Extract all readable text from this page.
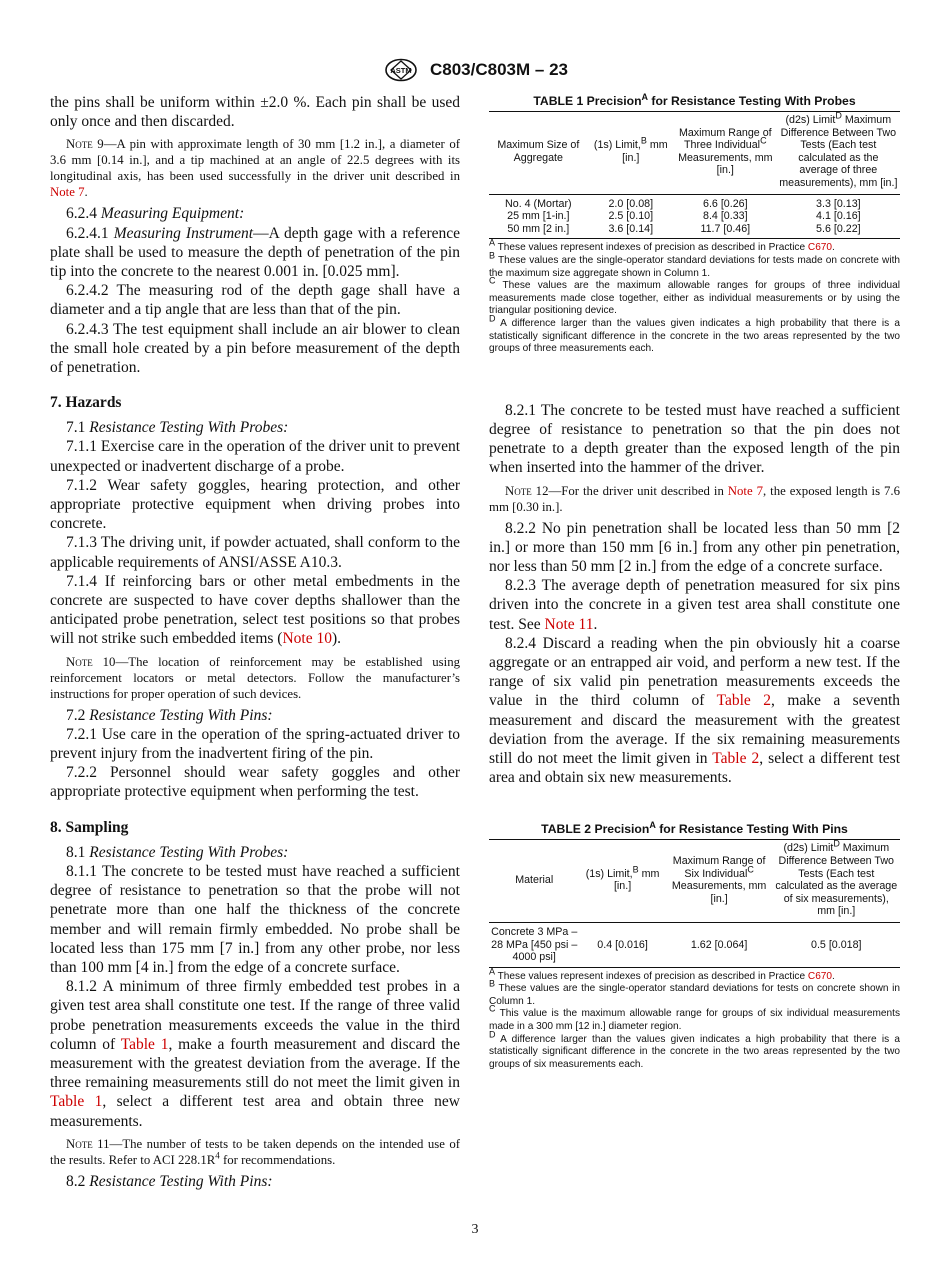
ASTM C803/C803M – 23

the pins shall be uniform within ±2.0 %. Each pin shall be used only once and then discarded.

Note 9—A pin with approximate length of 30 mm [1.2 in.], a diameter of 3.6 mm [0.14 in.], and a tip machined at an angle of 22.5 degrees with its longitudinal axis, has been used successfully in the driver unit described in Note 7.

6.2.4 Measuring Equipment:

6.2.4.1 Measuring Instrument—A depth gage with a reference plate shall be used to measure the depth of penetration of the pin tip into the concrete to the nearest 0.001 in. [0.025 mm].

6.2.4.2 The measuring rod of the depth gage shall have a diameter and a tip angle that are less than that of the pin.

6.2.4.3 The test equipment shall include an air blower to clean the small hole created by a pin before measurement of the depth of penetration.

7. Hazards

7.1 Resistance Testing With Probes:

7.1.1 Exercise care in the operation of the driver unit to prevent unexpected or inadvertent discharge of a probe.

7.1.2 Wear safety goggles, hearing protection, and other appropriate protective equipment when driving probes into concrete.

7.1.3 The driving unit, if powder actuated, shall conform to the applicable requirements of ANSI/ASSE A10.3.

7.1.4 If reinforcing bars or other metal embedments in the concrete are suspected to have cover depths shallower than the anticipated probe penetration, select test positions so that probes will not strike such embedded items (Note 10).

Note 10—The location of reinforcement may be established using reinforcement locators or metal detectors. Follow the manufacturer’s instructions for proper operation of such devices.

7.2 Resistance Testing With Pins:

7.2.1 Use care in the operation of the spring-actuated driver to prevent injury from the inadvertent firing of the pin.

7.2.2 Personnel should wear safety goggles and other appropriate protective equipment when performing the test.

8. Sampling

8.1 Resistance Testing With Probes:

8.1.1 The concrete to be tested must have reached a sufficient degree of resistance to penetration so that the probe will not penetrate more than one half the thickness of the concrete member and will remain firmly embedded. No probe shall be located less than 175 mm [7 in.] from any other probe, nor less than 100 mm [4 in.] from the edge of a concrete surface.

8.1.2 A minimum of three firmly embedded test probes in a given test area shall constitute one test. If the range of three valid probe penetration measurements exceeds the value in the third column of Table 1, make a fourth measurement and discard the measurement with the greatest deviation from the average. If the three remaining measurements still do not meet the limit given in Table 1, select a different test area and obtain three new measurements.

Note 11—The number of tests to be taken depends on the intended use of the results. Refer to ACI $228.1R^4$ for recommendations.

8.2 Resistance Testing With Pins:

TABLE 1 Precision$^A$ for Resistance Testing With Probes
Maximum Size of Aggregate	(1s) Limit,$^B$ mm [in.]	Maximum Range of Three Individual$^C$ Measurements, mm [in.]	(d2s) Limit$^D$ Maximum Difference Between Two Tests (Each test calculated as the average of three measurements), mm [in.]
No. 4 (Mortar)	2.0 [0.08]	6.6 [0.26]	3.3 [0.13]
25 mm [1-in.]	2.5 [0.10]	8.4 [0.33]	4.1 [0.16]
50 mm [2 in.]	3.6 [0.14]	11.7 [0.46]	5.6 [0.22]

$^A$ These values represent indexes of precision as described in Practice C670.

$^B$ These values are the single-operator standard deviations for tests made on concrete with the maximum size aggregate shown in Column 1.

$^C$ These values are the maximum allowable ranges for groups of three individual measurements made close together, either as individual measurements or by using the triangular positioning device.

$^D$ A difference larger than the values given indicates a high probability that there is a statistically significant difference in the concrete in the two areas represented by the two groups of three measurements each.

8.2.1 The concrete to be tested must have reached a sufficient degree of resistance to penetration so that the pin does not penetrate to a depth greater than the exposed length of the pin when inserted into the hammer of the driver.

Note 12—For the driver unit described in Note 7, the exposed length is 7.6 mm [0.30 in.].

8.2.2 No pin penetration shall be located less than 50 mm [2 in.] or more than 150 mm [6 in.] from any other pin penetration, nor less than 50 mm [2 in.] from the edge of a concrete surface.

8.2.3 The average depth of penetration measured for six pins driven into the concrete in a given test area shall constitute one test. See Note 11.

8.2.4 Discard a reading when the pin obviously hit a coarse aggregate or an entrapped air void, and perform a new test. If the range of six valid pin penetration measurements exceeds the value in the third column of Table 2, make a seventh measurement and discard the measurement with the greatest deviation from the average. If the six remaining measurements still do not meet the limit given in Table 2, select a different test area and obtain six new measurements.

TABLE 2 Precision$^A$ for Resistance Testing With Pins
Material	(1s) Limit,$^B$ mm [in.]	Maximum Range of Six Individual$^C$ Measurements, mm [in.]	(d2s) Limit$^D$ Maximum Difference Between Two Tests (Each test calculated as the average of six measurements), mm [in.]
Concrete 3 MPa –28 MPa [450 psi –4000 psi]	0.4 [0.016]	1.62 [0.064]	0.5 [0.018]

$^A$ These values represent indexes of precision as described in Practice C670.

$^B$ These values are the single-operator standard deviations for tests on concrete shown in Column 1.

$^C$ This value is the maximum allowable range for groups of six individual measurements made in a 300 mm [12 in.] diameter region.

$^D$ A difference larger than the values given indicates a high probability that there is a statistically significant difference in the concrete in the two areas represented by the two groups of six measurements each.

3
